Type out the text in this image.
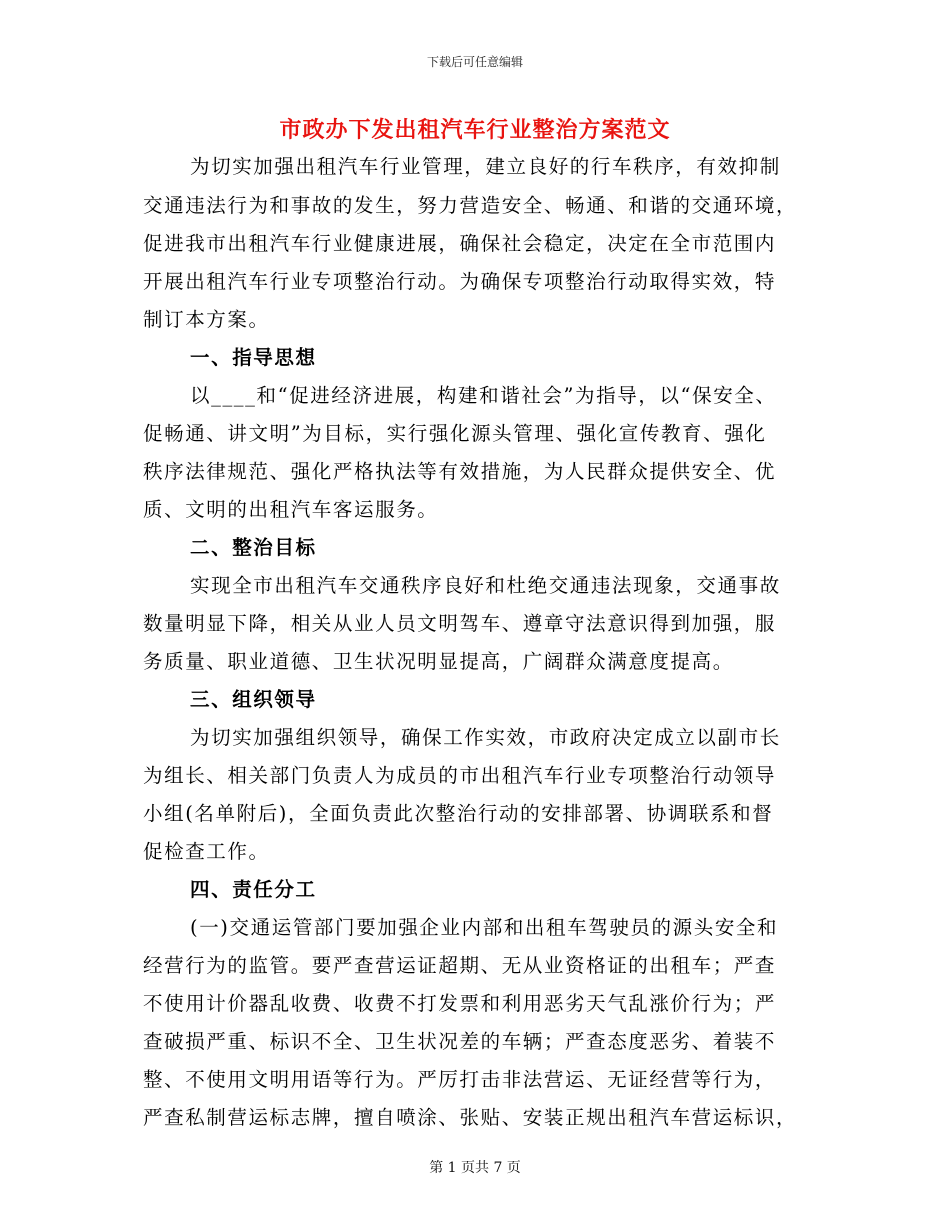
下载后可任意编辑
市政办下发出租汽车行业整治方案范文
为切实加强出租汽车行业管理，建立良好的行车秩序，有效抑制
交通违法行为和事故的发生，努力营造安全、畅通、和谐的交通环境，
促进我市出租汽车行业健康进展，确保社会稳定，决定在全市范围内
开展出租汽车行业专项整治行动。为确保专项整治行动取得实效，特
制订本方案。
一、指导思想
以____和“促进经济进展，构建和谐社会”为指导，以“保安全、
促畅通、讲文明”为目标，实行强化源头管理、强化宣传教育、强化
秩序法律规范、强化严格执法等有效措施，为人民群众提供安全、优
质、文明的出租汽车客运服务。
二、整治目标
实现全市出租汽车交通秩序良好和杜绝交通违法现象，交通事故
数量明显下降，相关从业人员文明驾车、遵章守法意识得到加强，服
务质量、职业道德、卫生状况明显提高，广阔群众满意度提高。
三、组织领导
为切实加强组织领导，确保工作实效，市政府决定成立以副市长
为组长、相关部门负责人为成员的市出租汽车行业专项整治行动领导
小组(名单附后)，全面负责此次整治行动的安排部署、协调联系和督
促检查工作。
四、责任分工
(一)交通运管部门要加强企业内部和出租车驾驶员的源头安全和
经营行为的监管。要严查营运证超期、无从业资格证的出租车；严查
不使用计价器乱收费、收费不打发票和利用恶劣天气乱涨价行为；严
查破损严重、标识不全、卫生状况差的车辆；严查态度恶劣、着装不
整、不使用文明用语等行为。严厉打击非法营运、无证经营等行为，
严查私制营运标志牌，擅自喷涂、张贴、安装正规出租汽车营运标识，
第 1 页共 7 页
